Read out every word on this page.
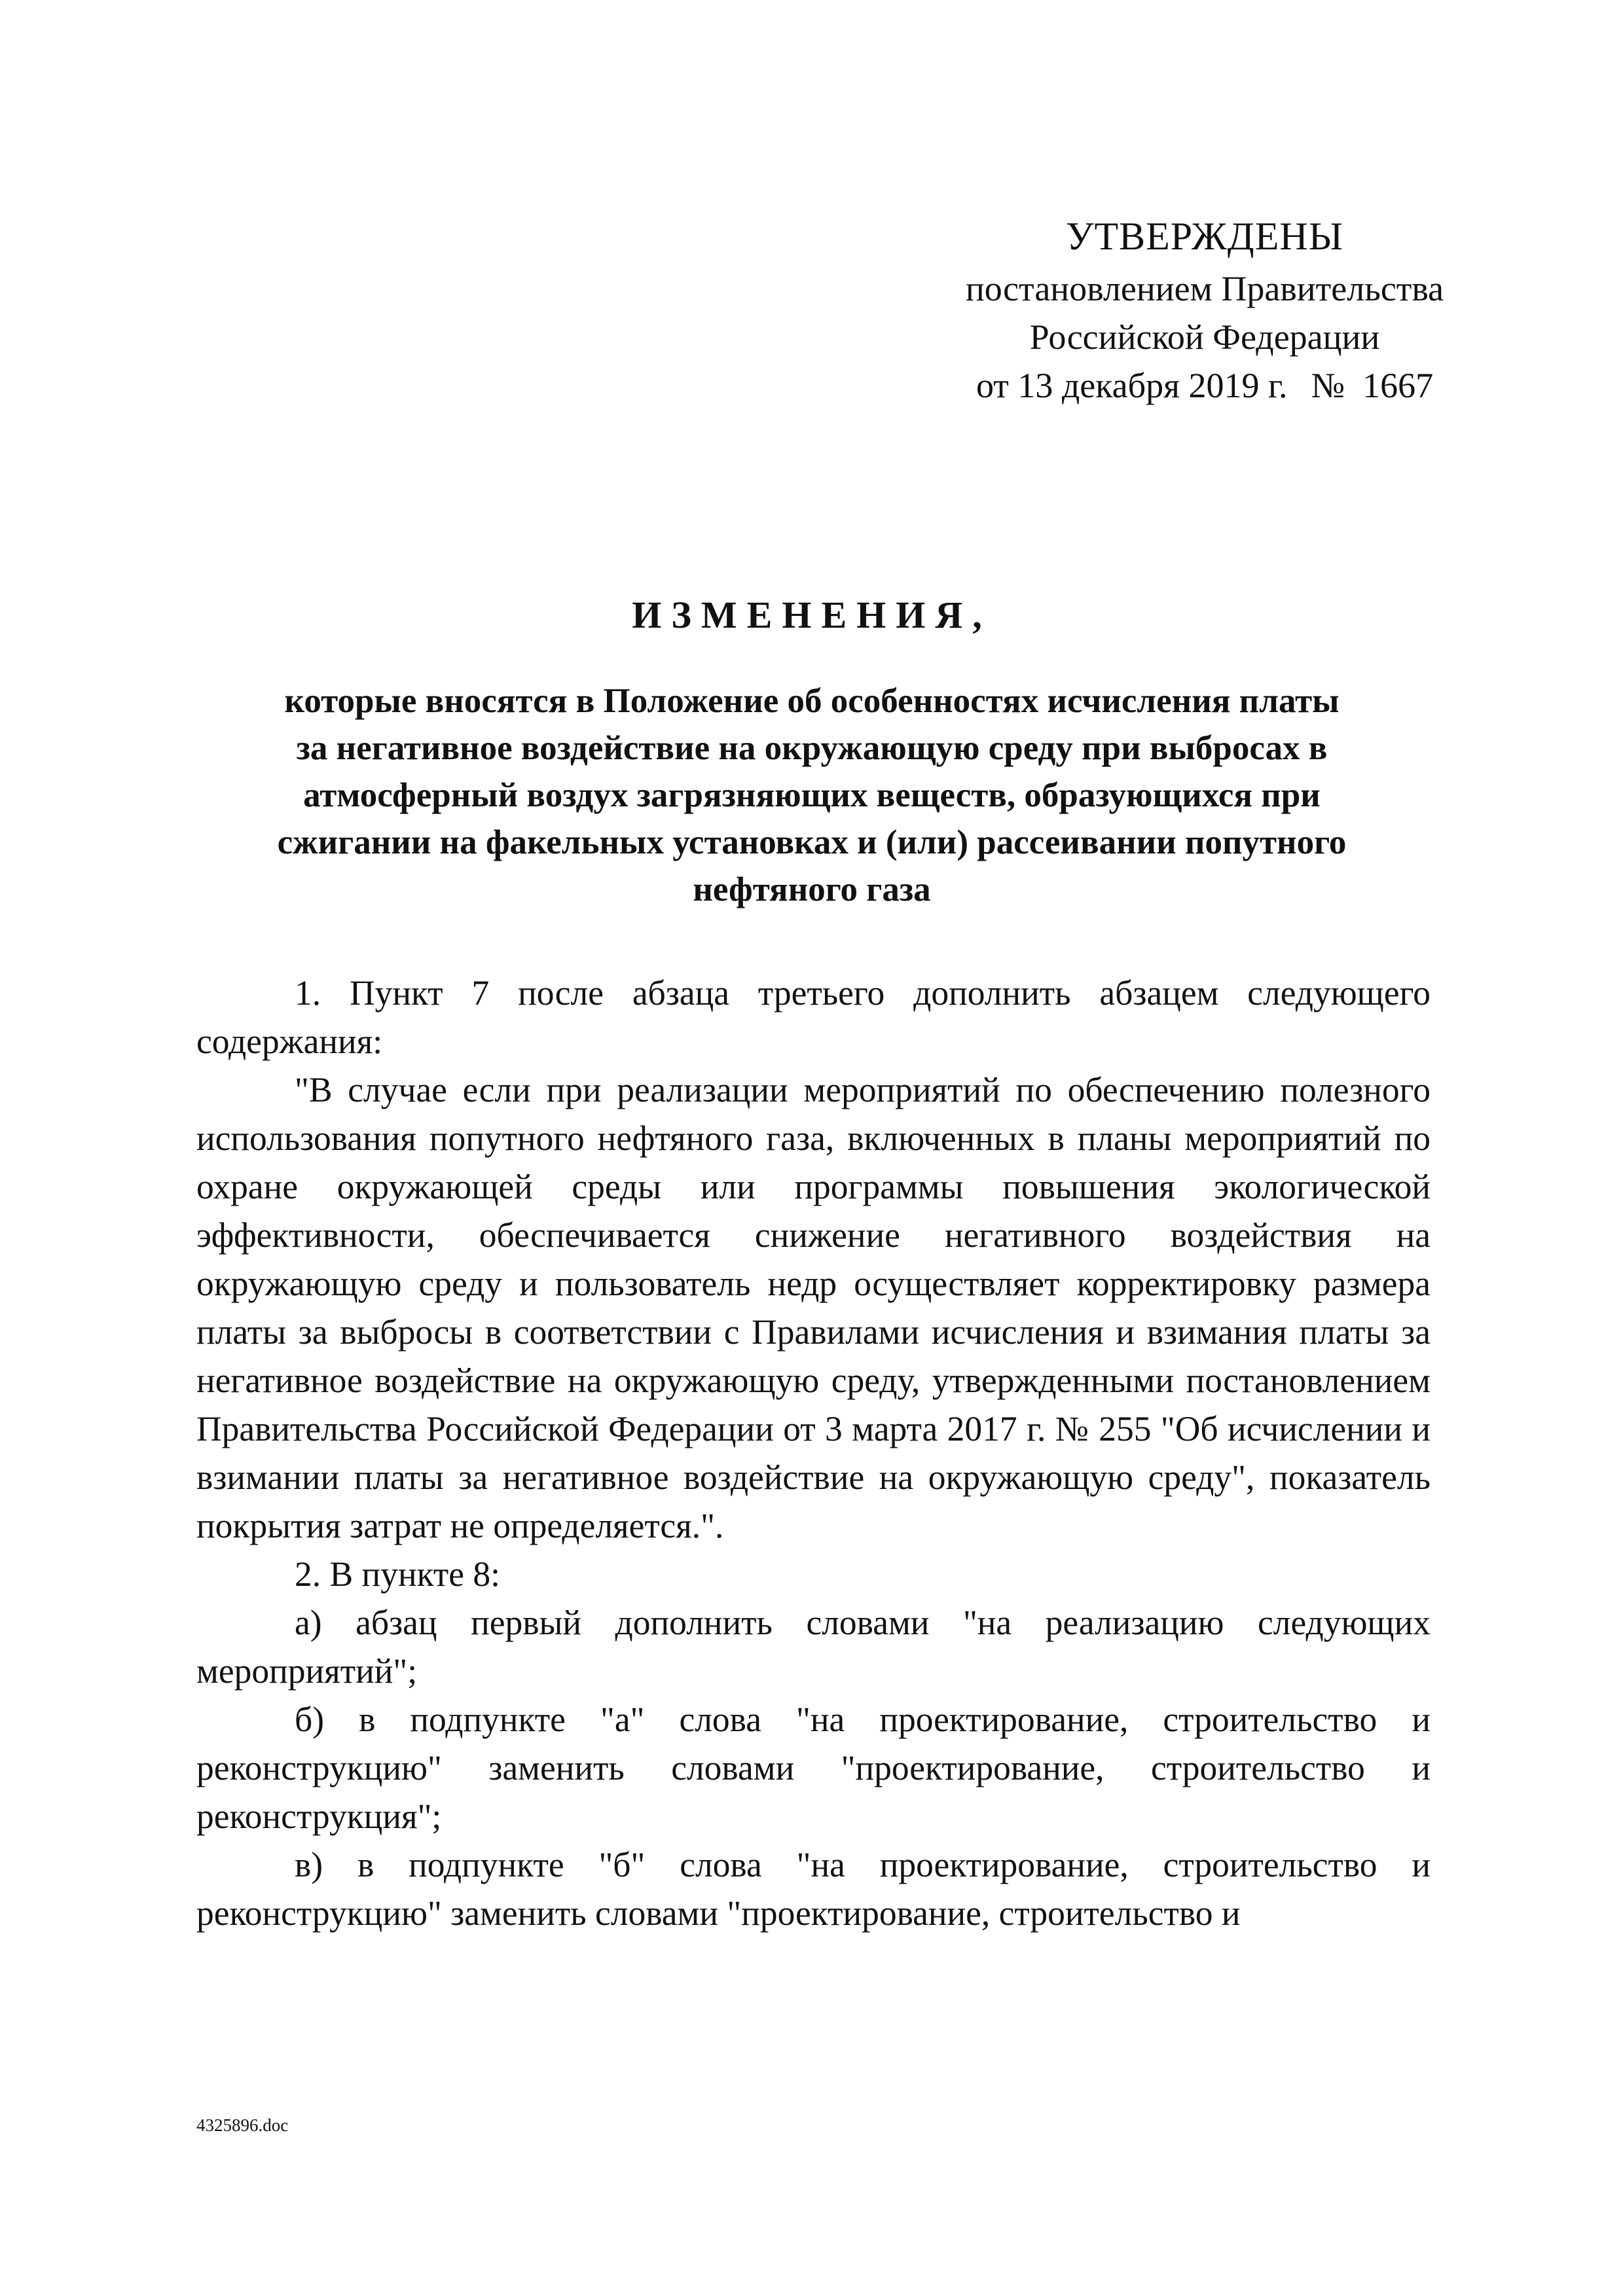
УТВЕРЖДЕНЫ
постановлением Правительства
Российской Федерации
от 13 декабря 2019 г. № 1667
ИЗМЕНЕНИЯ,
которые вносятся в Положение об особенностях исчисления платы
за негативное воздействие на окружающую среду при выбросах в
атмосферный воздух загрязняющих веществ, образующихся при
сжигании на факельных установках и (или) рассеивании попутного
нефтяного газа

1. Пункт 7 после абзаца третьего дополнить абзацем следующего содержания:

"В случае если при реализации мероприятий по обеспечению полезного использования попутного нефтяного газа, включенных в планы мероприятий по охране окружающей среды или программы повышения экологической эффективности, обеспечивается снижение негативного воздействия на окружающую среду и пользователь недр осуществляет корректировку размера платы за выбросы в соответствии с Правилами исчисления и взимания платы за негативное воздействие на окружающую среду, утвержденными постановлением Правительства Российской Федерации от 3 марта 2017 г. № 255 "Об исчислении и взимании платы за негативное воздействие на окружающую среду", показатель покрытия затрат не определяется.".

2. В пункте 8:

а) абзац первый дополнить словами "на реализацию следующих мероприятий";

б) в подпункте "а" слова "на проектирование, строительство и реконструкцию" заменить словами "проектирование, строительство и реконструкция";

в) в подпункте "б" слова "на проектирование, строительство и реконструкцию" заменить словами "проектирование, строительство и

4325896.doc
